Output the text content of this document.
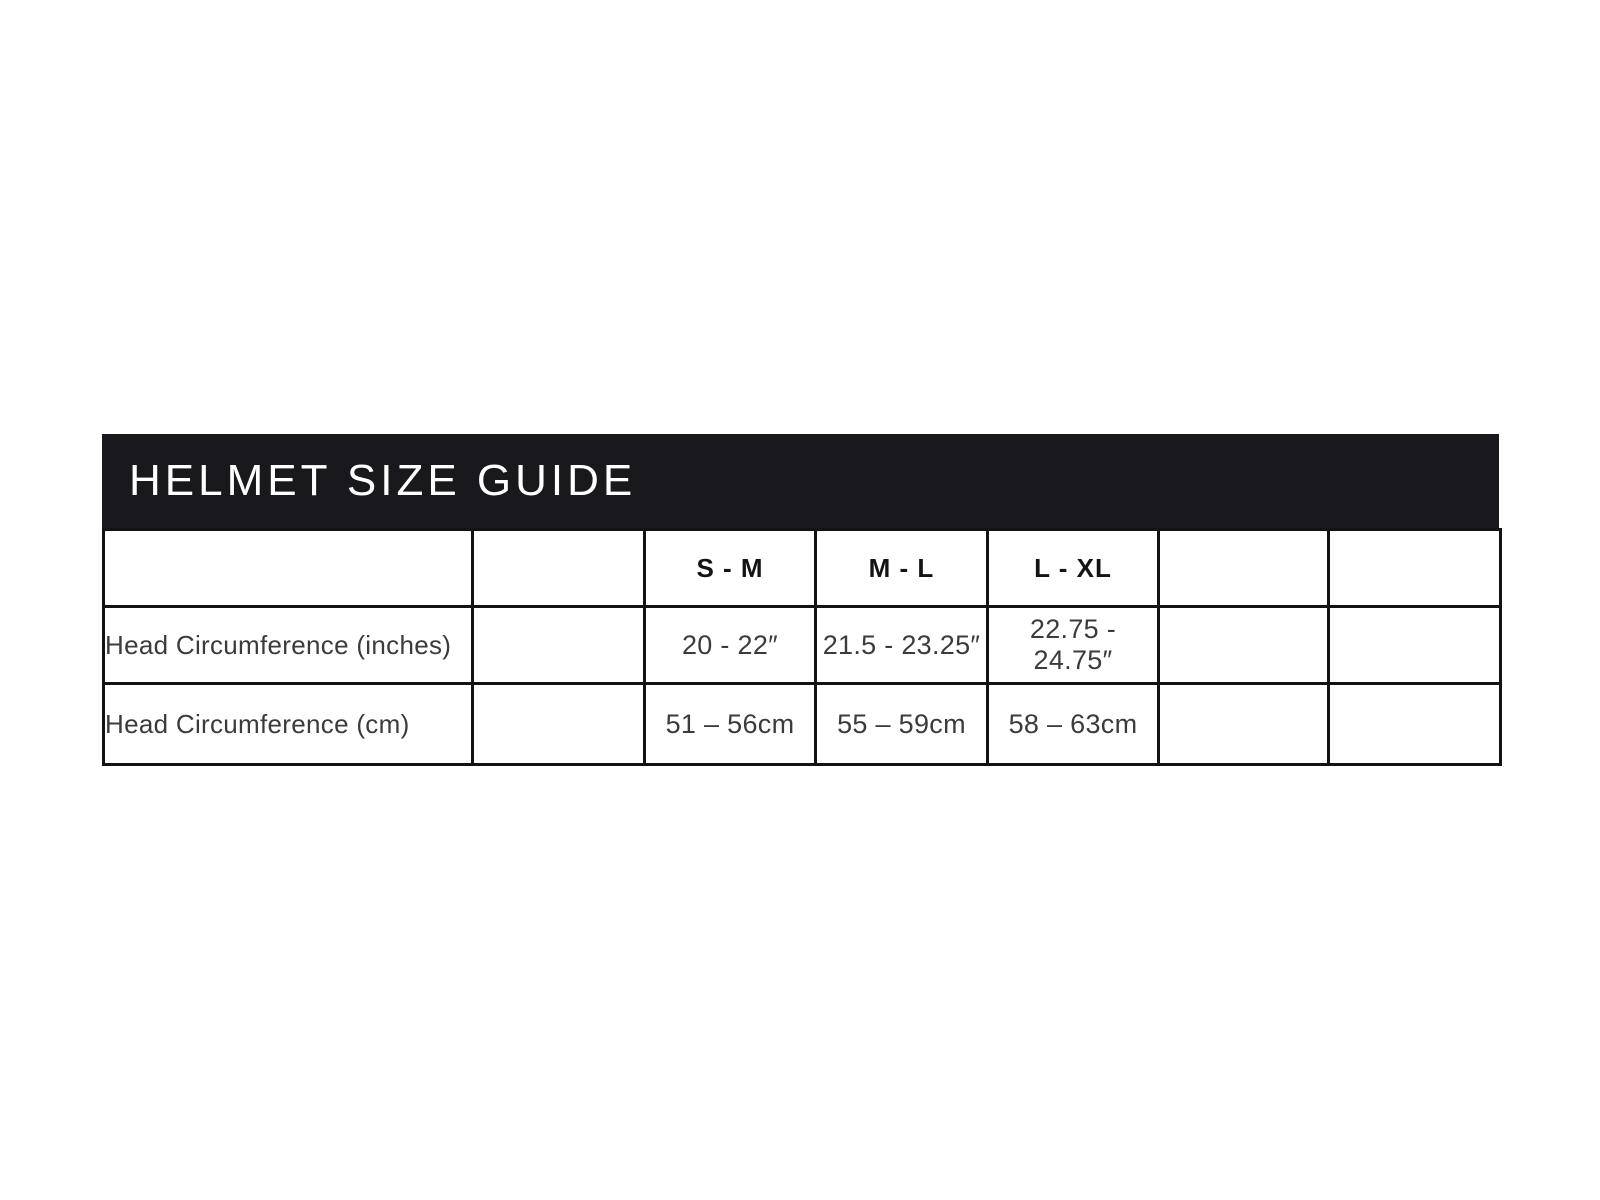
HELMET SIZE GUIDE
		S - M	M - L	L - XL		
Head Circumference (inches)		20 - 22″	21.5 - 23.25″	22.75 - 24.75″		
Head Circumference (cm)		51 – 56cm	55 – 59cm	58 – 63cm		
